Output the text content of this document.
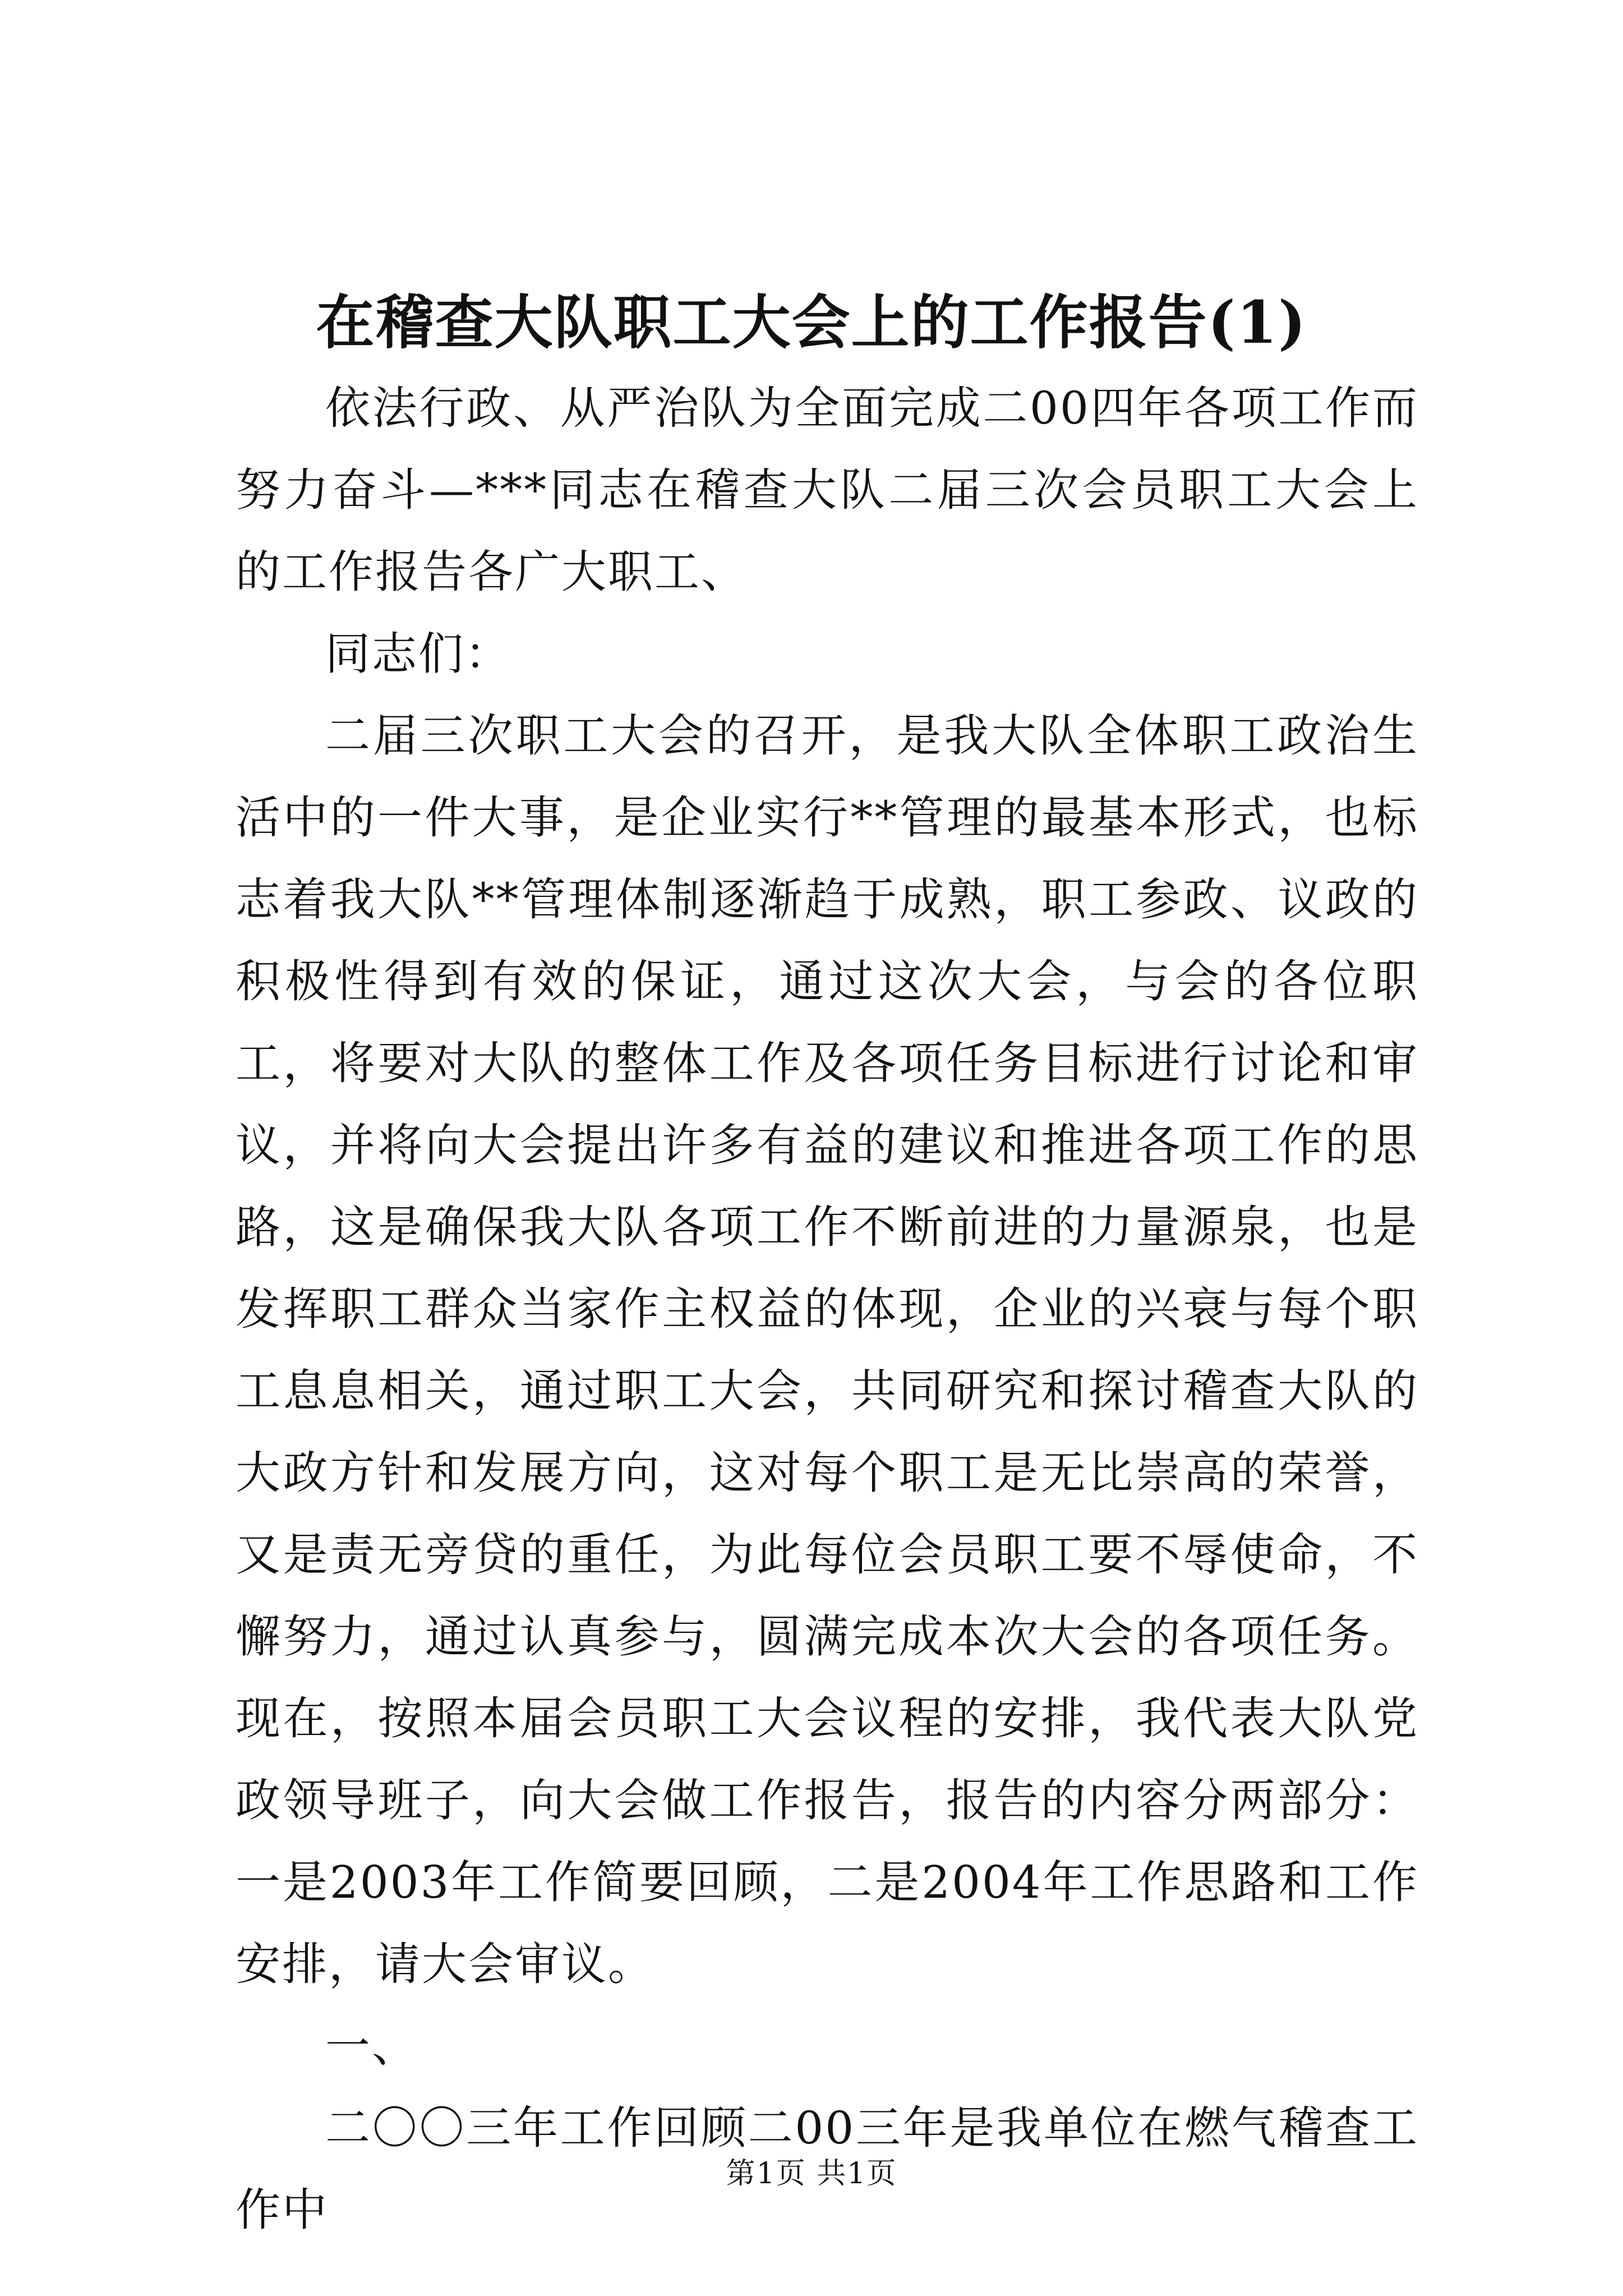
在稽查大队职工大会上的工作报告(1)

依法行政、从严治队为全面完成二00四年各项工作而努力奋斗—***同志在稽查大队二届三次会员职工大会上的工作报告各广大职工、

同志们：

二届三次职工大会的召开，是我大队全体职工政治生活中的一件大事，是企业实行**管理的最基本形式，也标志着我大队**管理体制逐渐趋于成熟，职工参政、议政的积极性得到有效的保证，通过这次大会，与会的各位职工，将要对大队的整体工作及各项任务目标进行讨论和审议，并将向大会提出许多有益的建议和推进各项工作的思路，这是确保我大队各项工作不断前进的力量源泉，也是发挥职工群众当家作主权益的体现，企业的兴衰与每个职工息息相关，通过职工大会，共同研究和探讨稽查大队的大政方针和发展方向，这对每个职工是无比崇高的荣誉，又是责无旁贷的重任，为此每位会员职工要不辱使命，不懈努力，通过认真参与，圆满完成本次大会的各项任务。现在，按照本届会员职工大会议程的安排，我代表大队党政领导班子，向大会做工作报告，报告的内容分两部分：一是2003年工作简要回顾，二是2004年工作思路和工作安排，请大会审议。

一、

二〇〇三年工作回顾二00三年是我单位在燃气稽查工作中

第1页 共1页
